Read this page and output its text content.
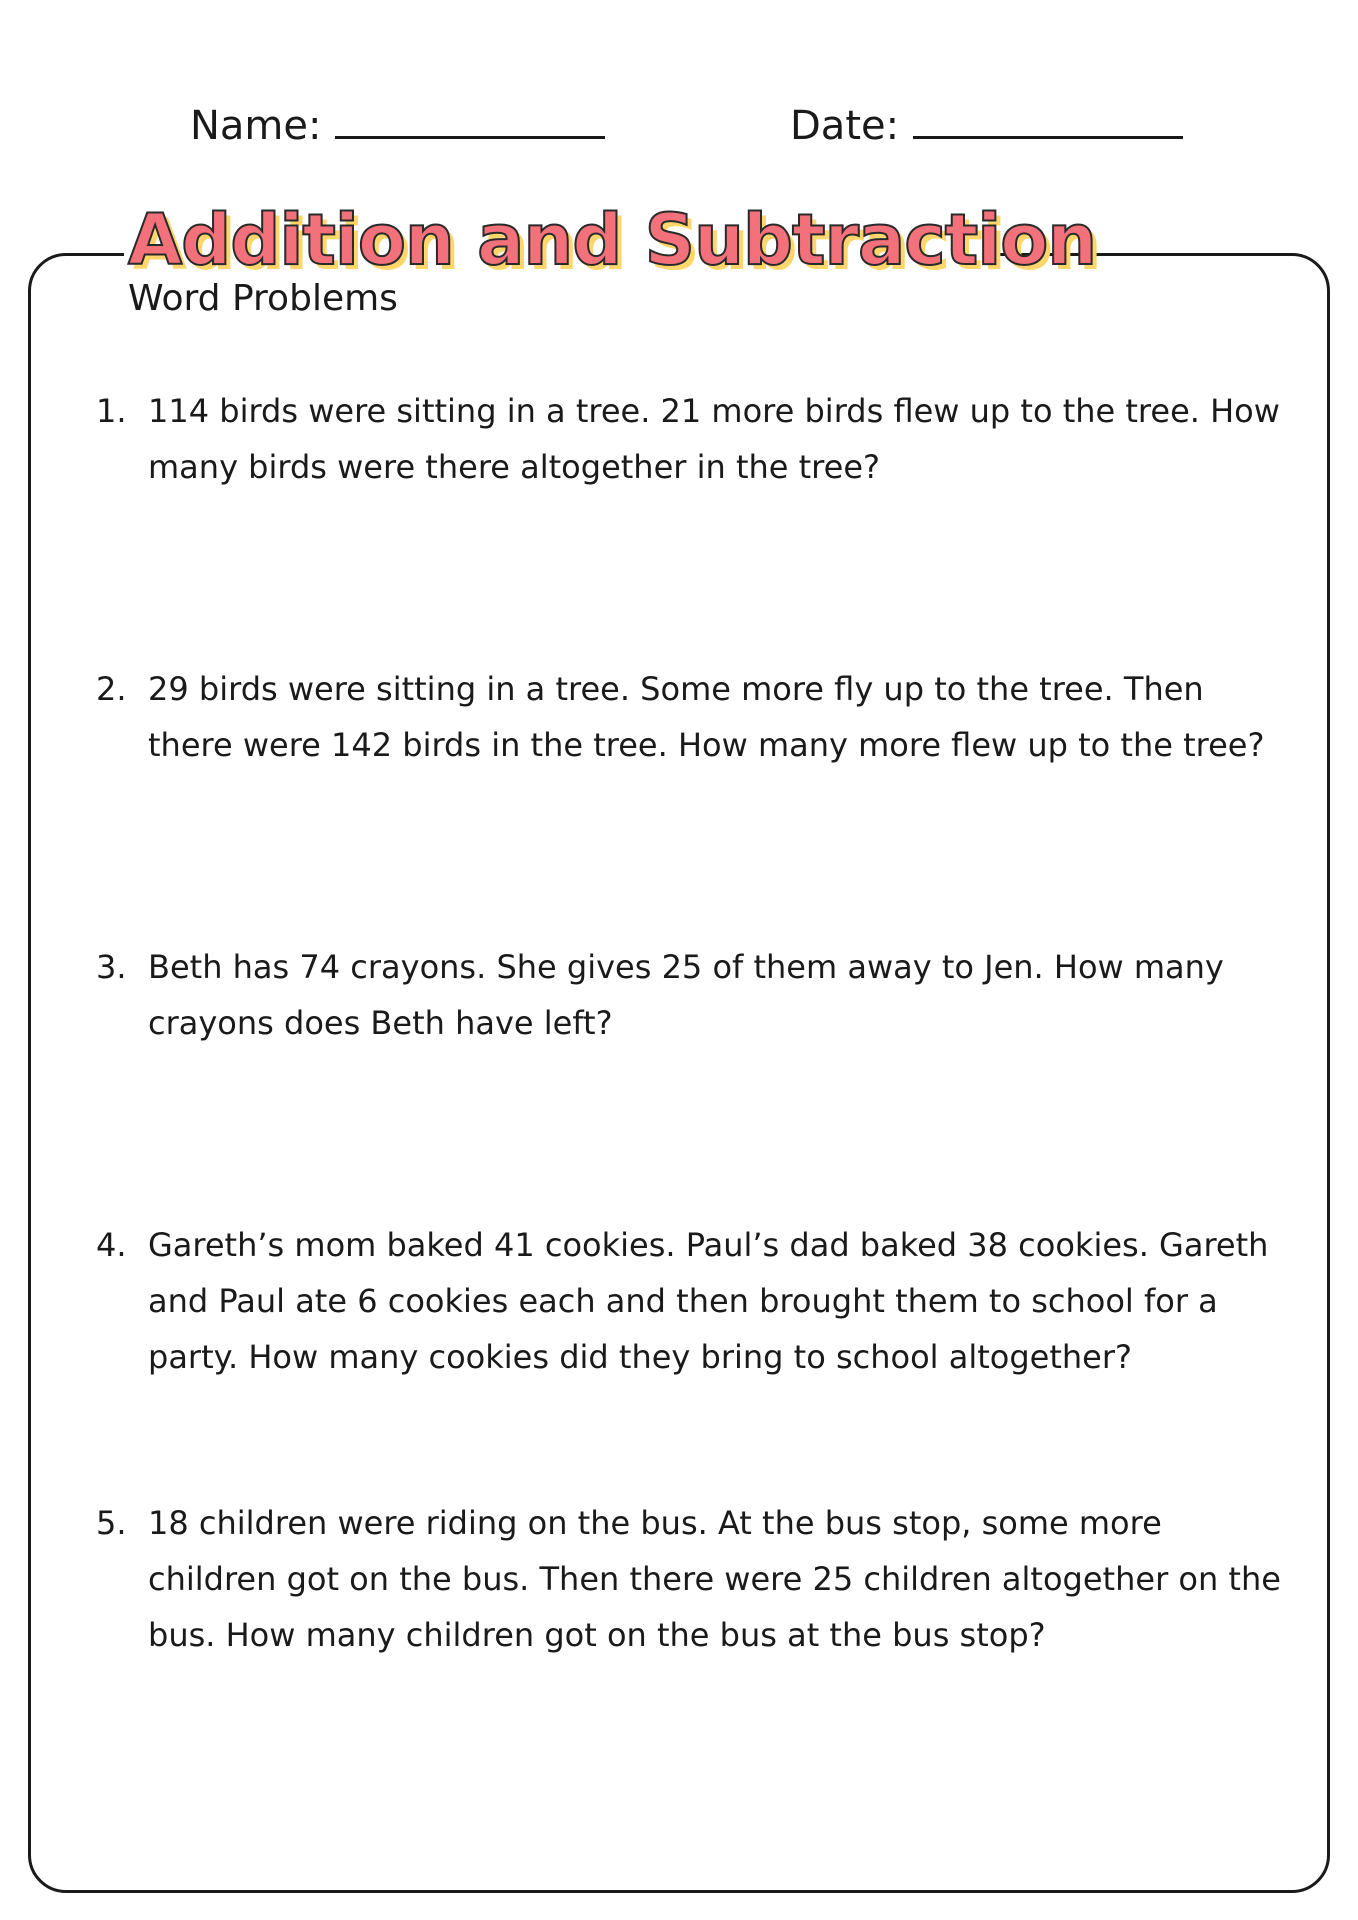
Name:	Date:
Addition and Subtraction
Word Problems
1. 114 birds were sitting in a tree. 21 more birds flew up to the tree. How many birds were there altogether in the tree?
2. 29 birds were sitting in a tree. Some more fly up to the tree. Then there were 142 birds in the tree. How many more flew up to the tree?
3. Beth has 74 crayons. She gives 25 of them away to Jen. How many crayons does Beth have left?
4. Gareth’s mom baked 41 cookies. Paul’s dad baked 38 cookies. Gareth and Paul ate 6 cookies each and then brought them to school for a party. How many cookies did they bring to school altogether?
5. 18 children were riding on the bus. At the bus stop, some more children got on the bus. Then there were 25 children altogether on the bus. How many children got on the bus at the bus stop?
